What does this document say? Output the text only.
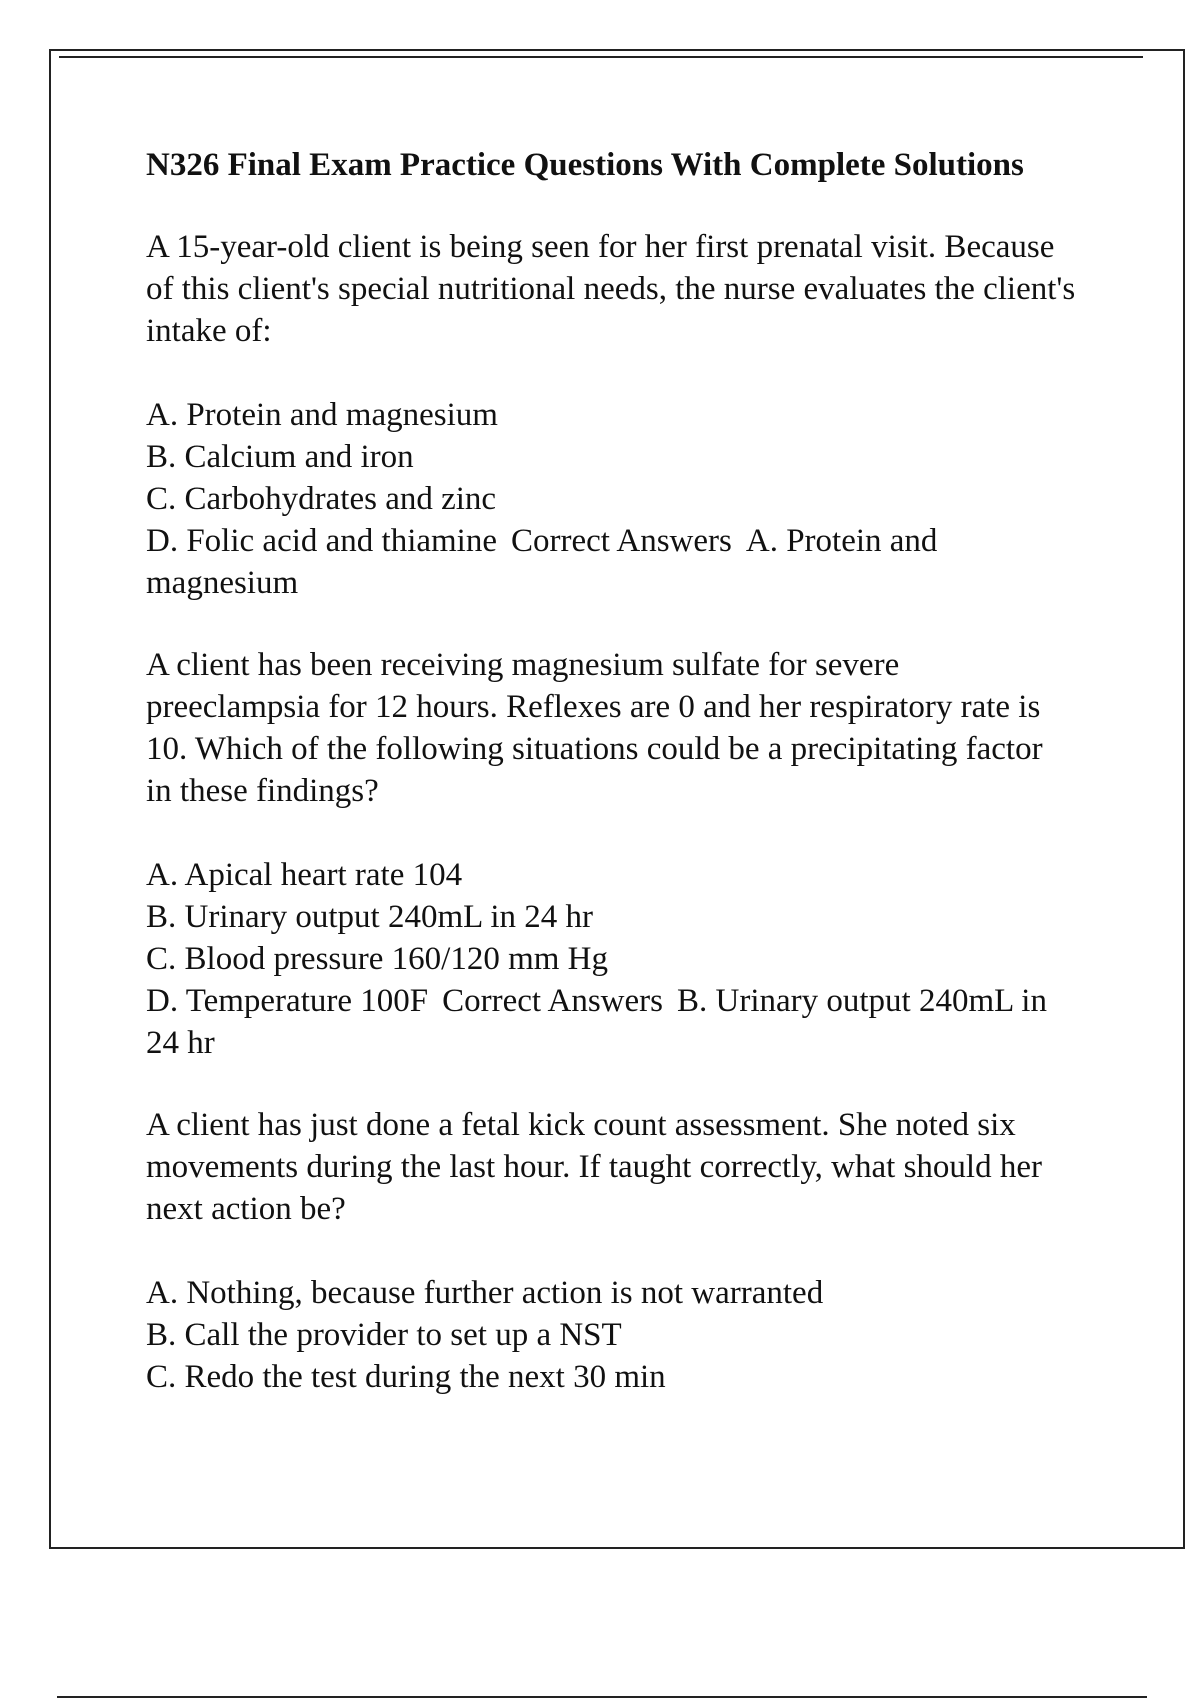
N326 Final Exam Practice Questions With Complete Solutions
A 15-year-old client is being seen for her first prenatal visit. Because of this client's special nutritional needs, the nurse evaluates the client's intake of:
A. Protein and magnesium
B. Calcium and iron
C. Carbohydrates and zinc
D. Folic acid and thiamine Correct Answers A. Protein and magnesium
A client has been receiving magnesium sulfate for severe preeclampsia for 12 hours. Reflexes are 0 and her respiratory rate is 10. Which of the following situations could be a precipitating factor in these findings?
A. Apical heart rate 104
B. Urinary output 240mL in 24 hr
C. Blood pressure 160/120 mm Hg
D. Temperature 100F Correct Answers B. Urinary output 240mL in 24 hr
A client has just done a fetal kick count assessment. She noted six movements during the last hour. If taught correctly, what should her next action be?
A. Nothing, because further action is not warranted
B. Call the provider to set up a NST
C. Redo the test during the next 30 min
